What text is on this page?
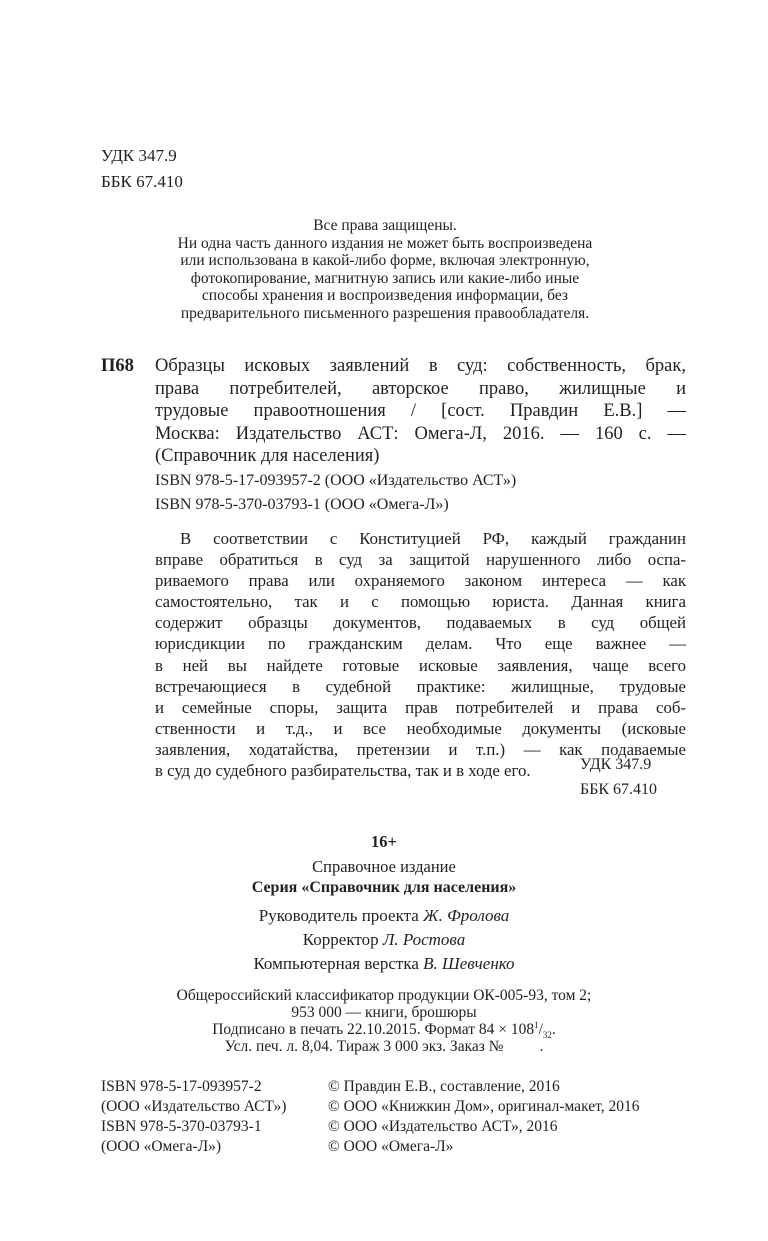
УДК 347.9
ББК 67.410
Все права защищены.
Ни одна часть данного издания не может быть воспроизведена
или использована в какой-либо форме, включая электронную,
фотокопирование, магнитную запись или какие-либо иные
способы хранения и воспроизведения информации, без
предварительного письменного разрешения правообладателя.
П68 Образцы исковых заявлений в суд: собственность, брак,
права потребителей, авторское право, жилищные и
трудовые правоотношения / [сост. Правдин Е.В.] —
Москва: Издательство АСТ: Омега-Л, 2016. — 160 с. —
(Справочник для населения)
ISBN 978-5-17-093957-2 (ООО «Издательство АСТ»)
ISBN 978-5-370-03793-1 (ООО «Омега-Л»)
В соответствии с Конституцией РФ, каждый гражданин
вправе обратиться в суд за защитой нарушенного либо оспа-
риваемого права или охраняемого законом интереса — как
самостоятельно, так и с помощью юриста. Данная книга
содержит образцы документов, подаваемых в суд общей
юрисдикции по гражданским делам. Что еще важнее —
в ней вы найдете готовые исковые заявления, чаще всего
встречающиеся в судебной практике: жилищные, трудовые
и семейные споры, защита прав потребителей и права соб-
ственности и т.д., и все необходимые документы (исковые
заявления, ходатайства, претензии и т.п.) — как подаваемые
в суд до судебного разбирательства, так и в ходе его.	УДК 347.9
ББК 67.410
16+
Справочное издание
Серия «Справочник для населения»
Руководитель проекта Ж. Фролова
Корректор Л. Ростова
Компьютерная верстка В. Шевченко
Общероссийский классификатор продукции ОК-005-93, том 2;
953 000 — книги, брошюры
Подписано в печать 22.10.2015. Формат $84 \times 108^1/_{32}$.
Усл. печ. л. 8,04. Тираж 3 000 экз. Заказ № .
ISBN 978-5-17-093957-2
(ООО «Издательство АСТ»)
ISBN 978-5-370-03793-1
(ООО «Омега-Л»)
© Правдин Е.В., составление, 2016
© ООО «Книжкин Дом», оригинал-макет, 2016
© ООО «Издательство АСТ», 2016
© ООО «Омега-Л»
